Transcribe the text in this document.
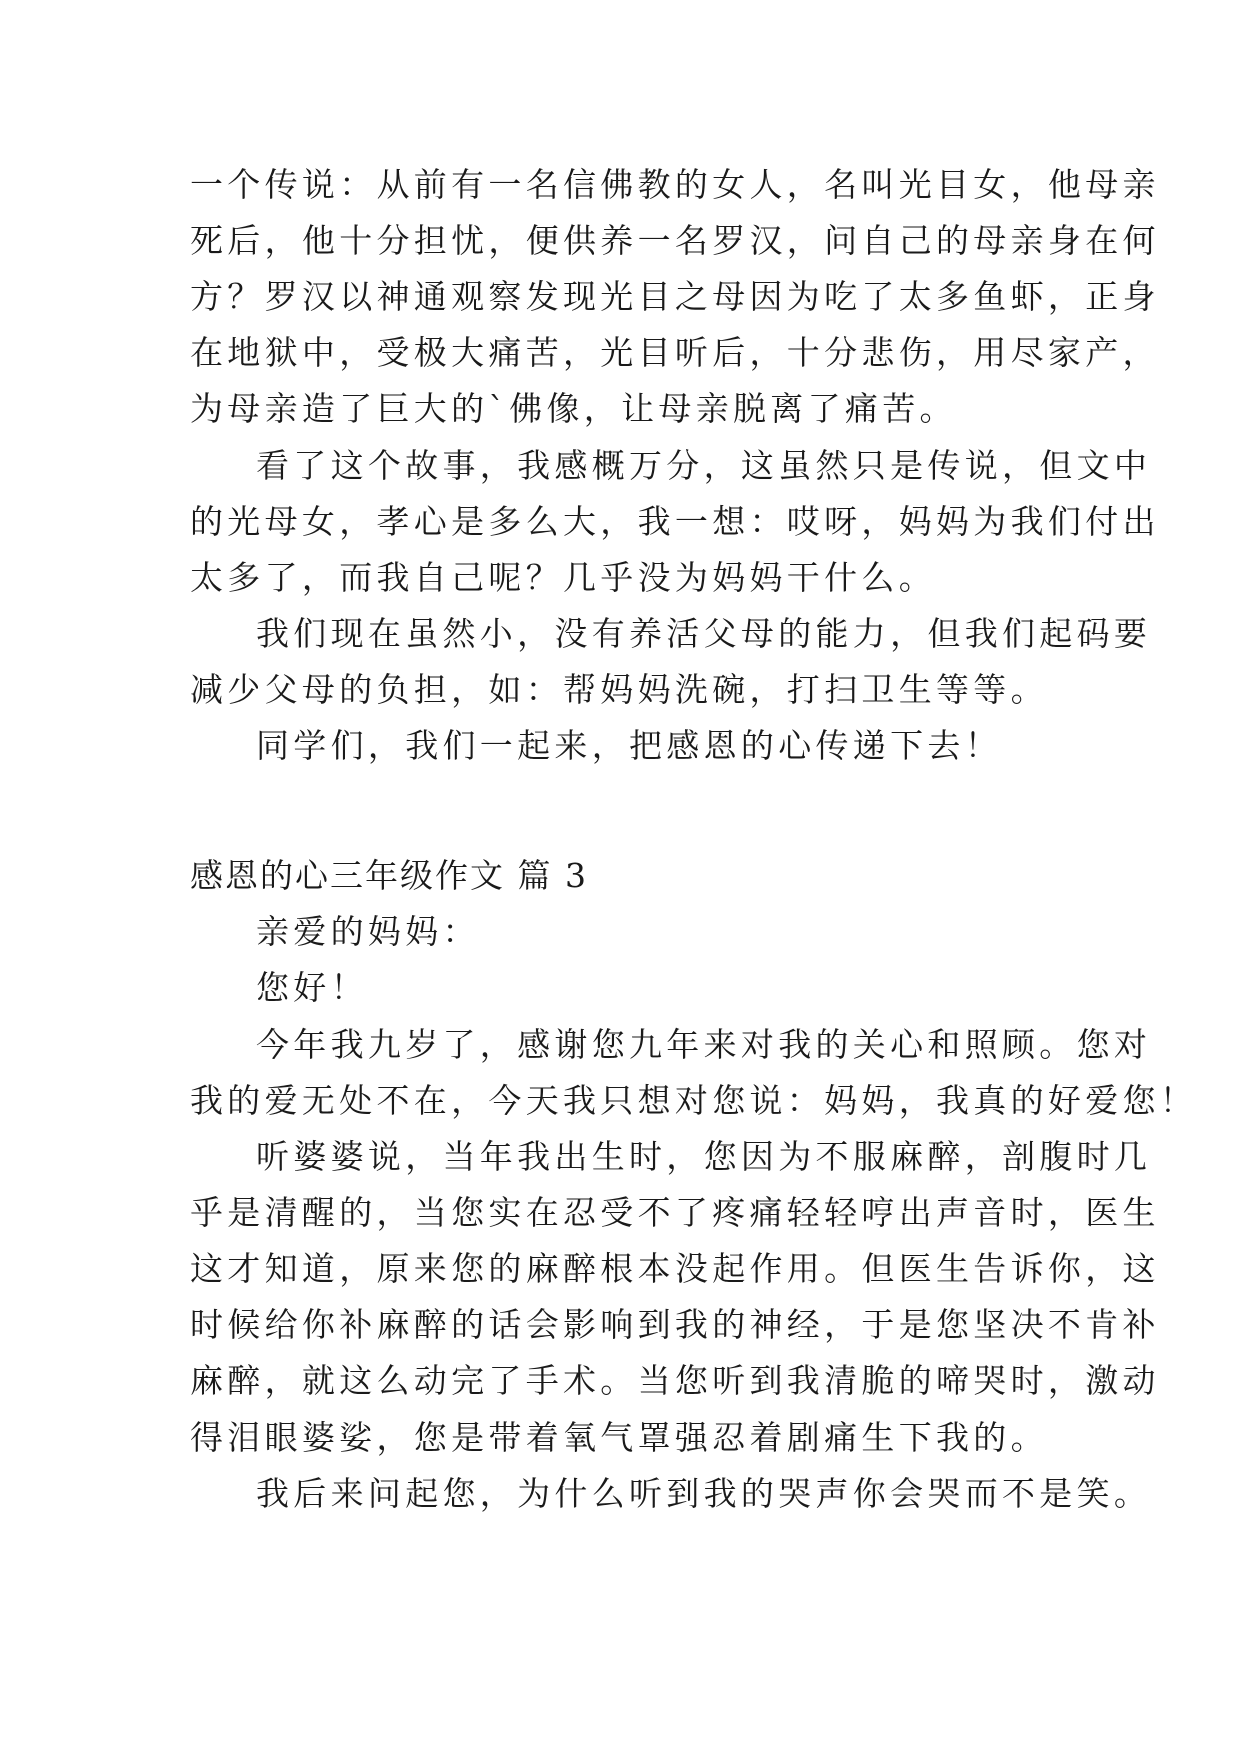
一个传说：从前有一名信佛教的女人，名叫光目女，他母亲
死后，他十分担忧，便供养一名罗汉，问自己的母亲身在何
方？罗汉以神通观察发现光目之母因为吃了太多鱼虾，正身
在地狱中，受极大痛苦，光目听后，十分悲伤，用尽家产，
为母亲造了巨大的`佛像，让母亲脱离了痛苦。
看了这个故事，我感概万分，这虽然只是传说，但文中
的光母女，孝心是多么大，我一想：哎呀，妈妈为我们付出
太多了，而我自己呢？几乎没为妈妈干什么。
我们现在虽然小，没有养活父母的能力，但我们起码要
减少父母的负担，如：帮妈妈洗碗，打扫卫生等等。
同学们，我们一起来，把感恩的心传递下去！
感恩的心三年级作文 篇 3
亲爱的妈妈：
您好！
今年我九岁了，感谢您九年来对我的关心和照顾。您对
我的爱无处不在，今天我只想对您说：妈妈，我真的好爱您！
听婆婆说，当年我出生时，您因为不服麻醉，剖腹时几
乎是清醒的，当您实在忍受不了疼痛轻轻哼出声音时，医生
这才知道，原来您的麻醉根本没起作用。但医生告诉你，这
时候给你补麻醉的话会影响到我的神经，于是您坚决不肯补
麻醉，就这么动完了手术。当您听到我清脆的啼哭时，激动
得泪眼婆娑，您是带着氧气罩强忍着剧痛生下我的。
我后来问起您，为什么听到我的哭声你会哭而不是笑。
